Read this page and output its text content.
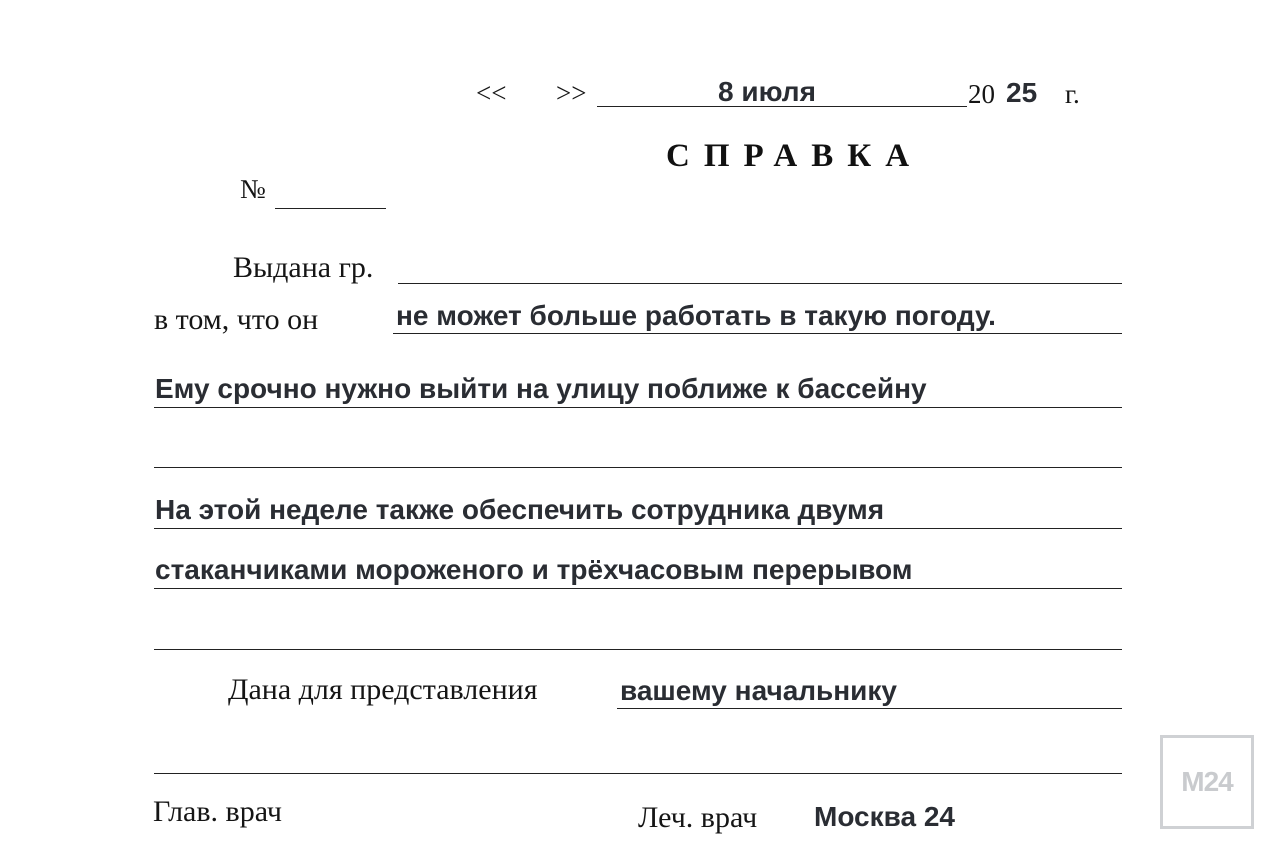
<< >>	8 июля	20 25 г.
СПРАВКА
№
Выдана гр.
в том, что он	не может больше работать в такую погоду.
Ему срочно нужно выйти на улицу поближе к бассейну
На этой неделе также обеспечить сотрудника двумя
стаканчиками мороженого и трёхчасовым перерывом
Дана для представления	вашему начальнику
Глав. врач	Леч. врач Москва 24
M24
